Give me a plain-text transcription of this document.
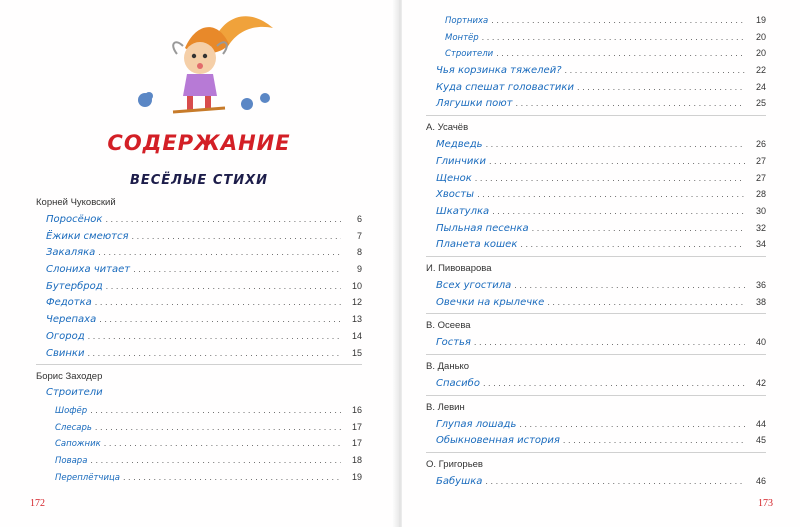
СОДЕРЖАНИЕ
ВЕСЁЛЫЕ СТИХИ
Корней Чуковский
Поросёнок . . .	6
Ёжики смеются . . .	7
Закаляка . . .	8
Слониха читает . . .	9
Бутерброд . . .	10
Федотка . . .	12
Черепаха . . .	13
Огород . . .	14
Свинки . . .	15
Борис Заходер
Строители
Шофёр . . .	16
Слесарь . . .	17
Сапожник . . .	17
Повара . . .	18
Переплётчица . . .	19
172
Портниха . . .	19
Монтёр . . .	20
Строители . . .	20
Чья корзинка тяжелей? . . .	22
Куда спешат головастики . . .	24
Лягушки поют . . .	25
А. Усачёв
Медведь . . .	26
Глинчики . . .	27
Щенок . . .	27
Хвосты . . .	28
Шкатулка . . .	30
Пыльная песенка . . .	32
Планета кошек . . .	34
И. Пивоварова
Всех угостила . . .	36
Овечки на крылечке . . .	38
В. Осеева
Гостья . . .	40
В. Данько
Спасибо . . .	42
В. Левин
Глупая лошадь . . .	44
Обыкновенная история . . .	45
О. Григорьев
Бабушка . . .	46
173
